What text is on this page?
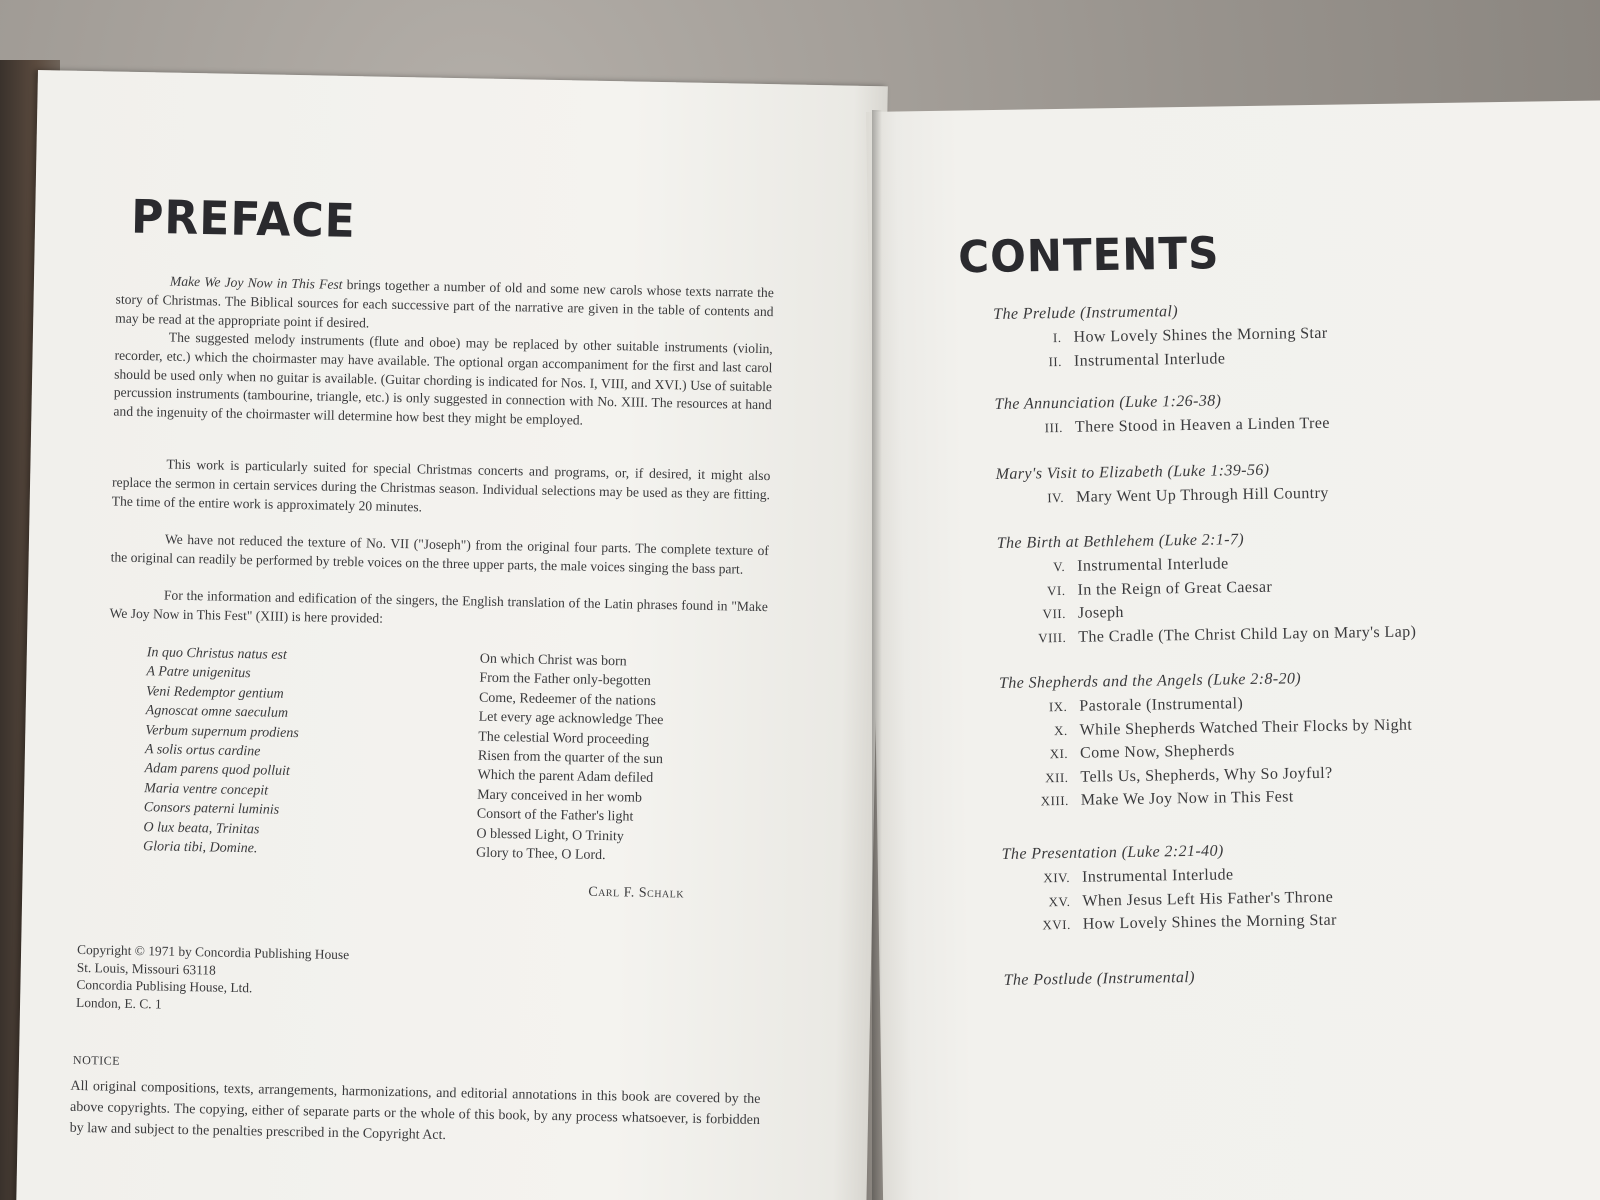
PREFACE
Make We Joy Now in This Fest brings together a number of old and some new carols whose texts narrate the story of Christmas. The Biblical sources for each successive part of the narrative are given in the table of contents and may be read at the appropriate point if desired.
The suggested melody instruments (flute and oboe) may be replaced by other suitable instruments (violin, recorder, etc.) which the choirmaster may have available. The optional organ accompaniment for the first and last carol should be used only when no guitar is available. (Guitar chording is indicated for Nos. I, VIII, and XVI.) Use of suitable percussion instruments (tambourine, triangle, etc.) is only suggested in connection with No. XIII. The resources at hand and the ingenuity of the choirmaster will determine how best they might be employed.
This work is particularly suited for special Christmas concerts and programs, or, if desired, it might also replace the sermon in certain services during the Christmas season. Individual selections may be used as they are fitting. The time of the entire work is approximately 20 minutes.
We have not reduced the texture of No. VII ("Joseph") from the original four parts. The complete texture of the original can readily be performed by treble voices on the three upper parts, the male voices singing the bass part.
For the information and edification of the singers, the English translation of the Latin phrases found in "Make We Joy Now in This Fest" (XIII) is here provided:
In quo Christus natus est	On which Christ was born
A Patre unigenitus	From the Father only-begotten
Veni Redemptor gentium	Come, Redeemer of the nations
Agnoscat omne saeculum	Let every age acknowledge Thee
Verbum supernum prodiens	The celestial Word proceeding
A solis ortus cardine	Risen from the quarter of the sun
Adam parens quod polluit	Which the parent Adam defiled
Maria ventre concepit	Mary conceived in her womb
Consors paterni luminis	Consort of the Father's light
O lux beata, Trinitas	O blessed Light, O Trinity
Gloria tibi, Domine.	Glory to Thee, O Lord.
Carl F. Schalk
Copyright © 1971 by Concordia Publishing House
St. Louis, Missouri 63118
Concordia Publising House, Ltd.
London, E. C. 1
NOTICE
All original compositions, texts, arrangements, harmonizations, and editorial annotations in this book are covered by the above copyrights. The copying, either of separate parts or the whole of this book, by any process whatsoever, is forbidden by law and subject to the penalties prescribed in the Copyright Act.
CONTENTS
The Prelude (Instrumental)
I. How Lovely Shines the Morning Star
II. Instrumental Interlude
The Annunciation (Luke 1:26-38)
III. There Stood in Heaven a Linden Tree
Mary's Visit to Elizabeth (Luke 1:39-56)
IV. Mary Went Up Through Hill Country
The Birth at Bethlehem (Luke 2:1-7)
V. Instrumental Interlude
VI. In the Reign of Great Caesar
VII. Joseph
VIII. The Cradle (The Christ Child Lay on Mary's Lap)
The Shepherds and the Angels (Luke 2:8-20)
IX. Pastorale (Instrumental)
X. While Shepherds Watched Their Flocks by Night
XI. Come Now, Shepherds
XII. Tells Us, Shepherds, Why So Joyful?
XIII. Make We Joy Now in This Fest
The Presentation (Luke 2:21-40)
XIV. Instrumental Interlude
XV. When Jesus Left His Father's Throne
XVI. How Lovely Shines the Morning Star
The Postlude (Instrumental)
